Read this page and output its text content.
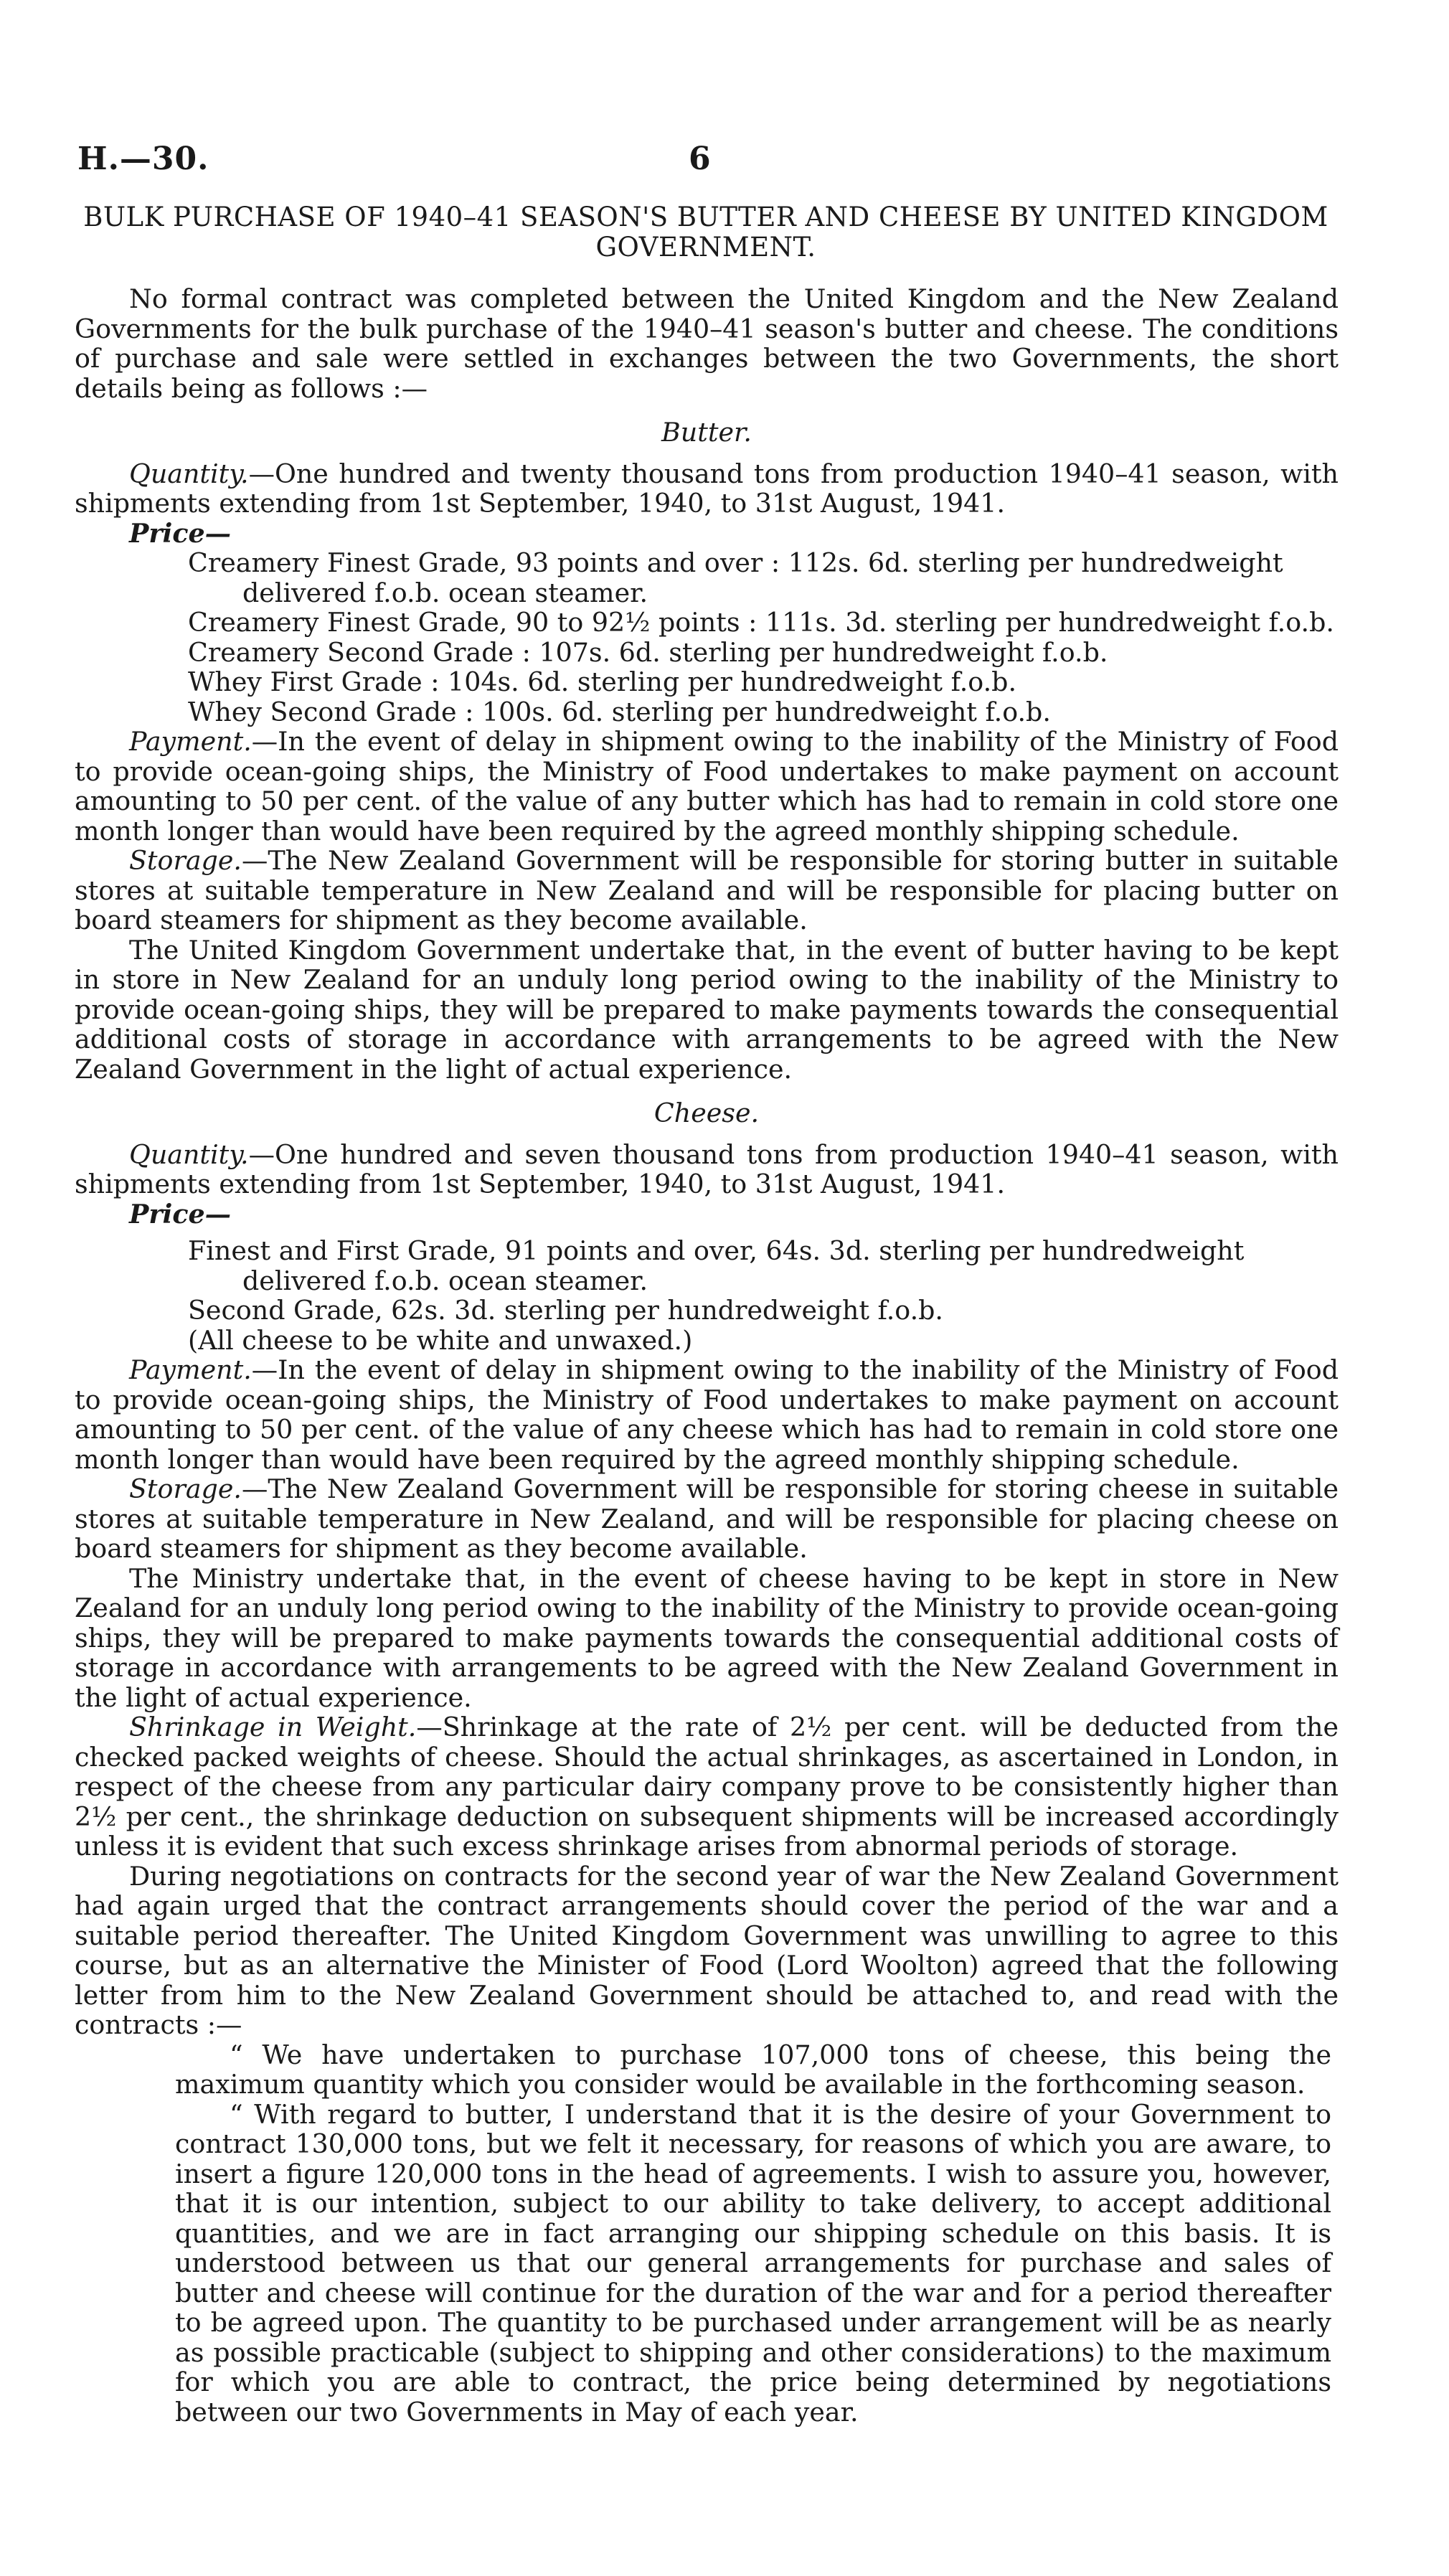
H.—30.	6
BULK PURCHASE OF 1940–41 SEASON'S BUTTER AND CHEESE BY UNITED KINGDOM GOVERNMENT.

No formal contract was completed between the United Kingdom and the New Zealand Governments for the bulk purchase of the 1940–41 season's butter and cheese. The conditions of purchase and sale were settled in exchanges between the two Governments, the short details being as follows :—

Butter.

Quantity.—One hundred and twenty thousand tons from production 1940–41 season, with shipments extending from 1st September, 1940, to 31st August, 1941.

Price—

Creamery Finest Grade, 93 points and over : 112s. 6d. sterling per hundredweight delivered f.o.b. ocean steamer.

Creamery Finest Grade, 90 to 92½ points : 111s. 3d. sterling per hundredweight f.o.b.

Creamery Second Grade : 107s. 6d. sterling per hundredweight f.o.b.

Whey First Grade : 104s. 6d. sterling per hundredweight f.o.b.

Whey Second Grade : 100s. 6d. sterling per hundredweight f.o.b.

Payment.—In the event of delay in shipment owing to the inability of the Ministry of Food to provide ocean-going ships, the Ministry of Food undertakes to make payment on account amounting to 50 per cent. of the value of any butter which has had to remain in cold store one month longer than would have been required by the agreed monthly shipping schedule.

Storage.—The New Zealand Government will be responsible for storing butter in suitable stores at suitable temperature in New Zealand and will be responsible for placing butter on board steamers for shipment as they become available.

The United Kingdom Government undertake that, in the event of butter having to be kept in store in New Zealand for an unduly long period owing to the inability of the Ministry to provide ocean-going ships, they will be prepared to make payments towards the consequential additional costs of storage in accordance with arrangements to be agreed with the New Zealand Government in the light of actual experience.

Cheese.

Quantity.—One hundred and seven thousand tons from production 1940–41 season, with shipments extending from 1st September, 1940, to 31st August, 1941.

Price—

Finest and First Grade, 91 points and over, 64s. 3d. sterling per hundredweight delivered f.o.b. ocean steamer.

Second Grade, 62s. 3d. sterling per hundredweight f.o.b.

(All cheese to be white and unwaxed.)

Payment.—In the event of delay in shipment owing to the inability of the Ministry of Food to provide ocean-going ships, the Ministry of Food undertakes to make payment on account amounting to 50 per cent. of the value of any cheese which has had to remain in cold store one month longer than would have been required by the agreed monthly shipping schedule.

Storage.—The New Zealand Government will be responsible for storing cheese in suitable stores at suitable temperature in New Zealand, and will be responsible for placing cheese on board steamers for shipment as they become available.

The Ministry undertake that, in the event of cheese having to be kept in store in New Zealand for an unduly long period owing to the inability of the Ministry to provide ocean-going ships, they will be prepared to make payments towards the consequential additional costs of storage in accordance with arrangements to be agreed with the New Zealand Government in the light of actual experience.

Shrinkage in Weight.—Shrinkage at the rate of 2½ per cent. will be deducted from the checked packed weights of cheese. Should the actual shrinkages, as ascertained in London, in respect of the cheese from any particular dairy company prove to be consistently higher than 2½ per cent., the shrinkage deduction on subsequent shipments will be increased accordingly unless it is evident that such excess shrinkage arises from abnormal periods of storage.

During negotiations on contracts for the second year of war the New Zealand Government had again urged that the contract arrangements should cover the period of the war and a suitable period thereafter. The United Kingdom Government was unwilling to agree to this course, but as an alternative the Minister of Food (Lord Woolton) agreed that the following letter from him to the New Zealand Government should be attached to, and read with the contracts :—

“ We have undertaken to purchase 107,000 tons of cheese, this being the maximum quantity which you consider would be available in the forthcoming season.

“ With regard to butter, I understand that it is the desire of your Government to contract 130,000 tons, but we felt it necessary, for reasons of which you are aware, to insert a figure 120,000 tons in the head of agreements. I wish to assure you, however, that it is our intention, subject to our ability to take delivery, to accept additional quantities, and we are in fact arranging our shipping schedule on this basis. It is understood between us that our general arrangements for purchase and sales of butter and cheese will continue for the duration of the war and for a period thereafter to be agreed upon. The quantity to be purchased under arrangement will be as nearly as possible practicable (subject to shipping and other considerations) to the maximum for which you are able to contract, the price being determined by negotiations between our two Governments in May of each year.
